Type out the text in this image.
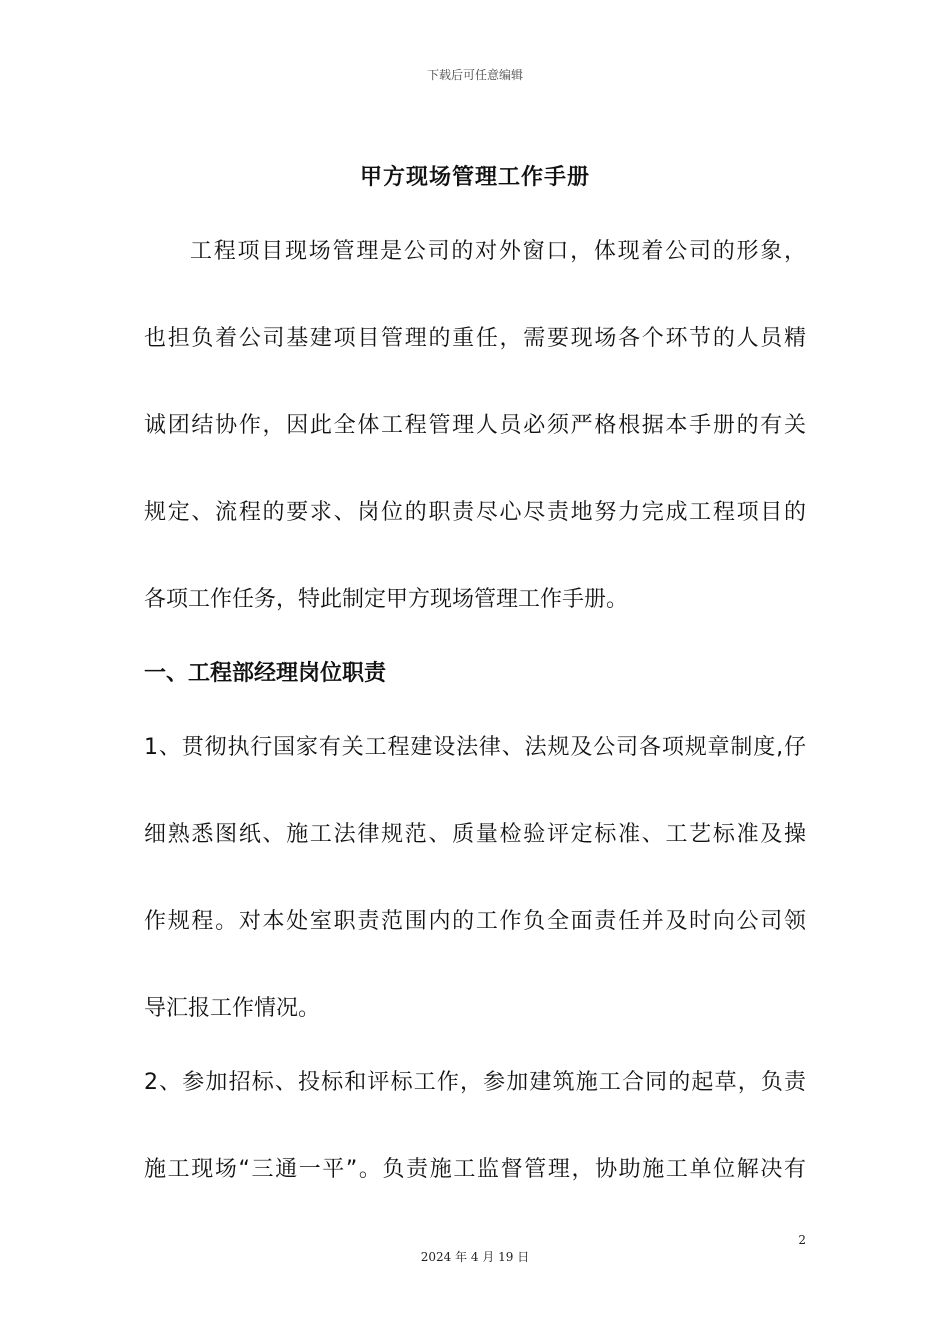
下载后可任意编辑
甲方现场管理工作手册
工程项目现场管理是公司的对外窗口，体现着公司的形象，
也担负着公司基建项目管理的重任，需要现场各个环节的人员精
诚团结协作，因此全体工程管理人员必须严格根据本手册的有关
规定、流程的要求、岗位的职责尽心尽责地努力完成工程项目的
各项工作任务，特此制定甲方现场管理工作手册。
一、工程部经理岗位职责
1、贯彻执行国家有关工程建设法律、法规及公司各项规章制度,仔
细熟悉图纸、施工法律规范、质量检验评定标准、工艺标准及操
作规程。对本处室职责范围内的工作负全面责任并及时向公司领
导汇报工作情况。
2、参加招标、投标和评标工作，参加建筑施工合同的起草，负责
施工现场“三通一平”。负责施工监督管理，协助施工单位解决有
2
2024 年 4 月 19 日
